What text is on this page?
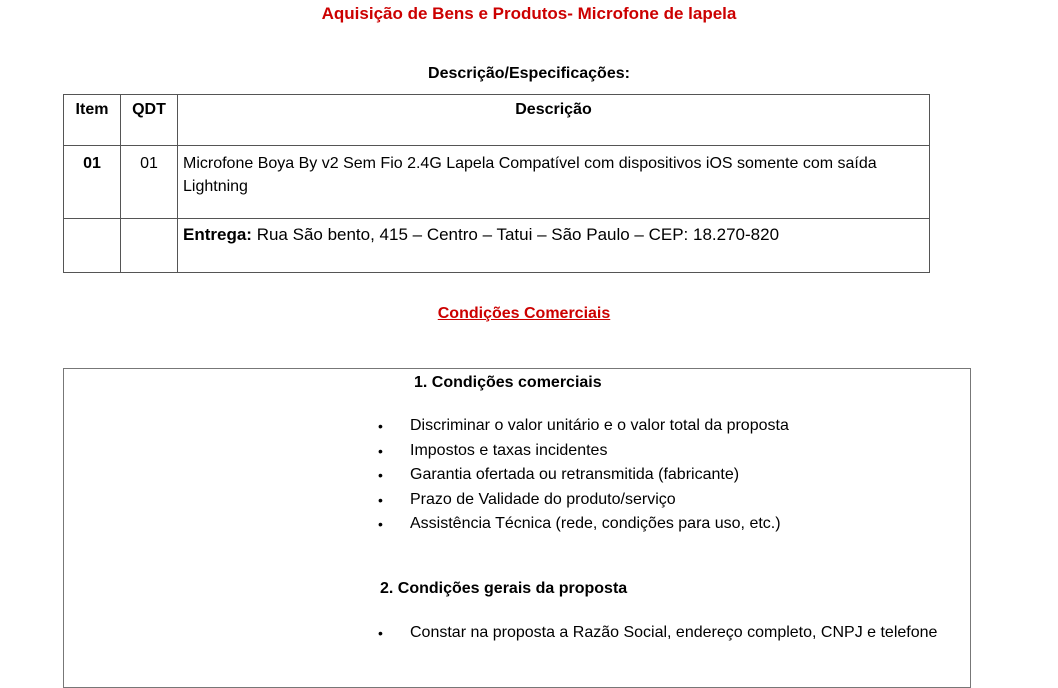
Aquisição de Bens e Produtos- Microfone de lapela
Descrição/Especificações:
Item	QDT	Descrição
01	01	Microfone Boya By v2 Sem Fio 2.4G Lapela Compatível com dispositivos iOS somente com saída Lightning
		Entrega: Rua São bento, 415 – Centro – Tatui – São Paulo – CEP: 18.270-820
Condições Comerciais
1. Condições comerciais
• Discriminar o valor unitário e o valor total da proposta
• Impostos e taxas incidentes
• Garantia ofertada ou retransmitida (fabricante)
• Prazo de Validade do produto/serviço
• Assistência Técnica (rede, condições para uso, etc.)
2. Condições gerais da proposta
• Constar na proposta a Razão Social, endereço completo, CNPJ e telefone
